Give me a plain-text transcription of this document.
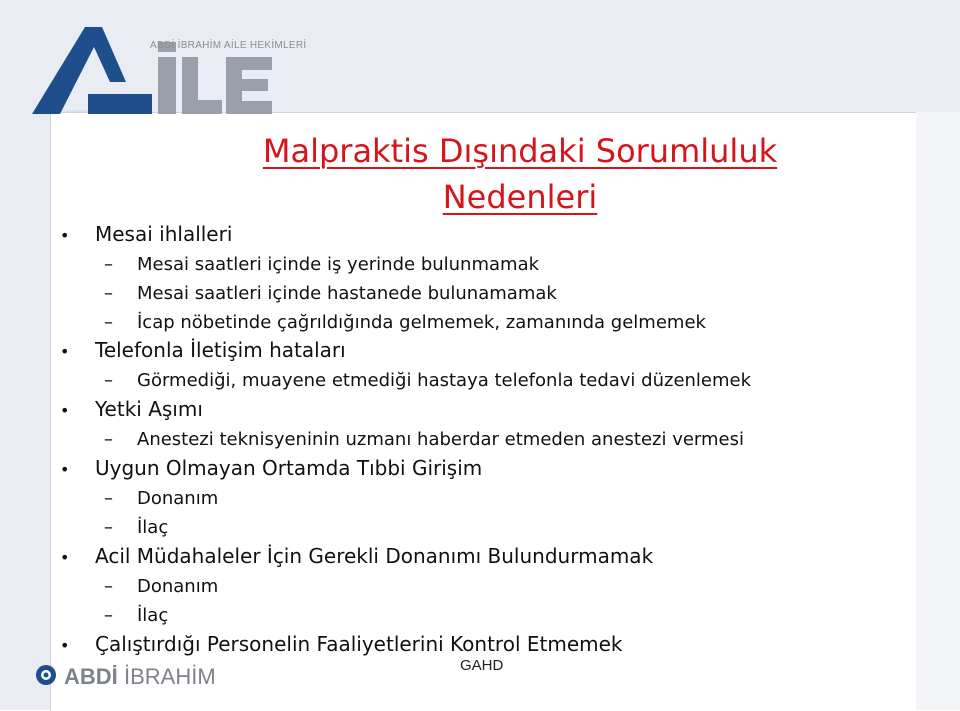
ABDİ İBRAHİM AİLE HEKİMLERİ
Malpraktis Dışındaki Sorumluluk
Nedenleri
• Mesai ihlalleri
– Mesai saatleri içinde iş yerinde bulunmamak
– Mesai saatleri içinde hastanede bulunamamak
– İcap nöbetinde çağrıldığında gelmemek, zamanında gelmemek
• Telefonla İletişim hataları
– Görmediği, muayene etmediği hastaya telefonla tedavi düzenlemek
• Yetki Aşımı
– Anestezi teknisyeninin uzmanı haberdar etmeden anestezi vermesi
• Uygun Olmayan Ortamda Tıbbi Girişim
– Donanım
– İlaç
• Acil Müdahaleler İçin Gerekli Donanımı Bulundurmamak
– Donanım
– İlaç
• Çalıştırdığı Personelin Faaliyetlerini Kontrol Etmemek
ABDİ İBRAHİM	GAHD
